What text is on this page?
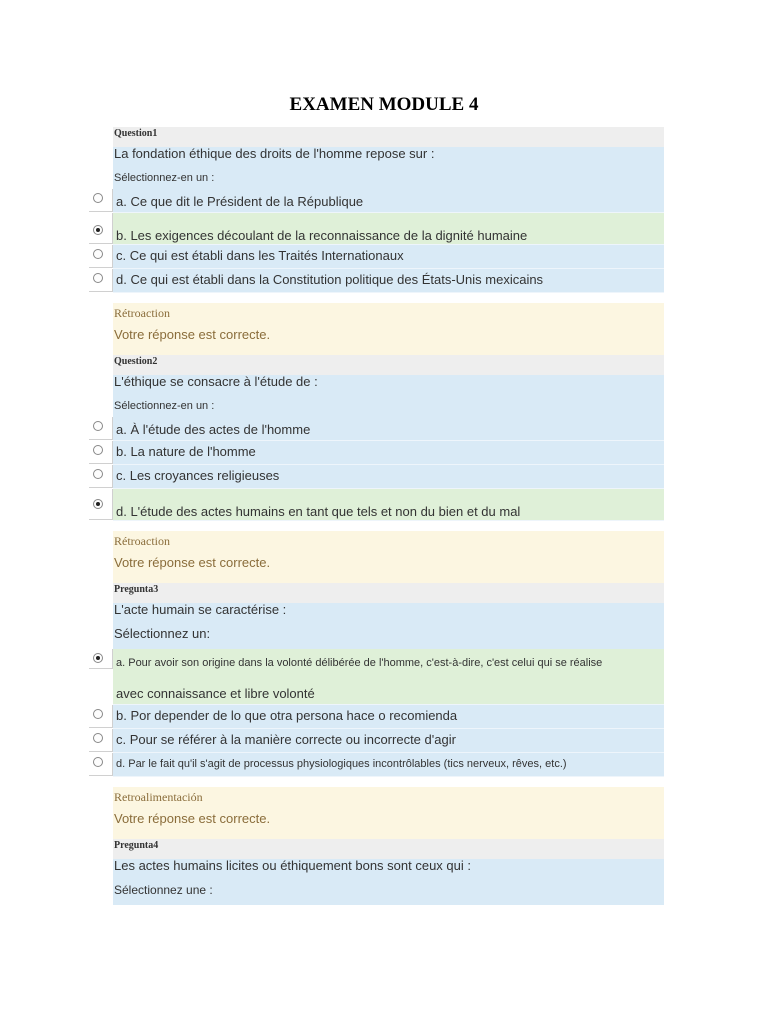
EXAMEN MODULE 4
Question1
La fondation éthique des droits de l'homme repose sur :
Sélectionnez-en un :
a. Ce que dit le Président de la République
b. Les exigences découlant de la reconnaissance de la dignité humaine
c. Ce qui est établi dans les Traités Internationaux
d. Ce qui est établi dans la Constitution politique des États-Unis mexicains
Rétroaction
Votre réponse est correcte.
Question2
L'éthique se consacre à l'étude de :
Sélectionnez-en un :
a. À l'étude des actes de l'homme
b. La nature de l'homme
c. Les croyances religieuses
d. L'étude des actes humains en tant que tels et non du bien et du mal
Rétroaction
Votre réponse est correcte.
Pregunta3
L'acte humain se caractérise :
Sélectionnez un:
a. Pour avoir son origine dans la volonté délibérée de l'homme, c'est-à-dire, c'est celui qui se réalise
avec connaissance et libre volonté
b. Por depender de lo que otra persona hace o recomienda
c. Pour se référer à la manière correcte ou incorrecte d'agir
d. Par le fait qu'il s'agit de processus physiologiques incontrôlables (tics nerveux, rêves, etc.)
Retroalimentación
Votre réponse est correcte.
Pregunta4
Les actes humains licites ou éthiquement bons sont ceux qui :
Sélectionnez une :
